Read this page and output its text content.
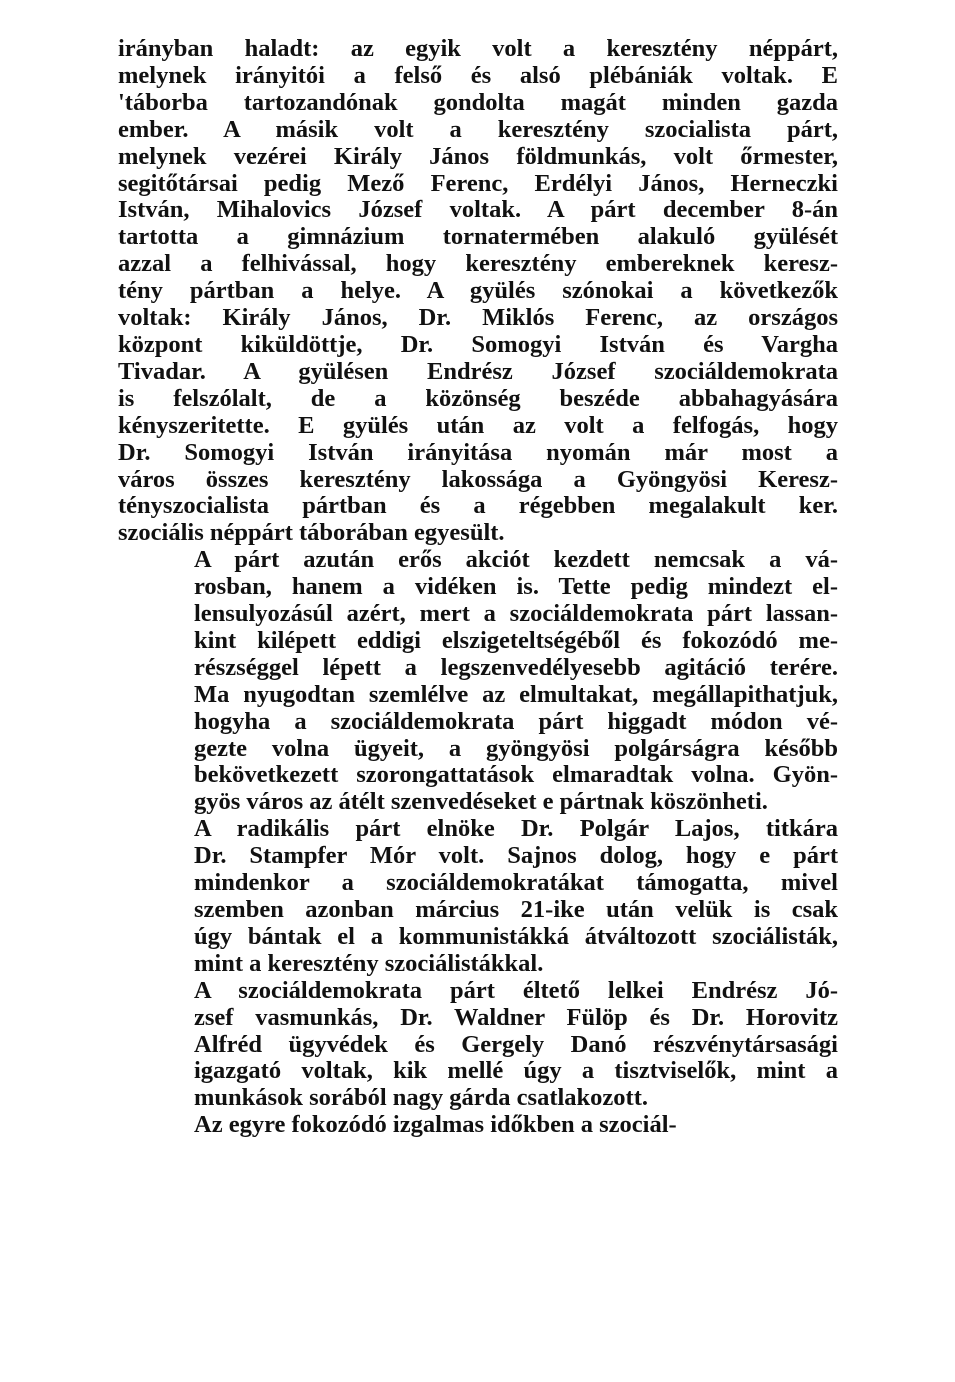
irányban haladt: az egyik volt a keresztény néppárt,
melynek irányitói a felső és alsó plébániák voltak. E
'táborba tartozandónak gondolta magát minden gazda
ember. A másik volt a keresztény szocialista párt,
melynek vezérei Király János földmunkás, volt őrmester,
segitőtársai pedig Mező Ferenc, Erdélyi János, Herneczki
István, Mihalovics József voltak. A párt december 8-án
tartotta a gimnázium tornatermében alakuló gyülését
azzal a felhivással, hogy keresztény embereknek keresz-
tény pártban a helye. A gyülés szónokai a következők
voltak: Király János, Dr. Miklós Ferenc, az országos
központ kiküldöttje, Dr. Somogyi István és Vargha
Tivadar. A gyülésen Endrész József szociáldemokrata
is felszólalt, de a közönség beszéde abbahagyására
kényszeritette. E gyülés után az volt a felfogás, hogy
Dr. Somogyi István irányitása nyomán már most a
város összes keresztény lakossága a Gyöngyösi Keresz-
tényszocialista pártban és a régebben megalakult ker.
szociális néppárt táborában egyesült.
A párt azután erős akciót kezdett nemcsak a vá-
rosban, hanem a vidéken is. Tette pedig mindezt el-
lensulyozásúl azért, mert a szociáldemokrata párt lassan-
kint kilépett eddigi elszigeteltségéből és fokozódó me-
részséggel lépett a legszenvedélyesebb agitáció terére.
Ma nyugodtan szemlélve az elmultakat, megállapithatjuk,
hogyha a szociáldemokrata párt higgadt módon vé-
gezte volna ügyeit, a gyöngyösi polgárságra később
bekövetkezett szorongattatások elmaradtak volna. Gyön-
gyös város az átélt szenvedéseket e pártnak köszönheti.
A radikális párt elnöke Dr. Polgár Lajos, titkára
Dr. Stampfer Mór volt. Sajnos dolog, hogy e párt
mindenkor a szociáldemokratákat támogatta, mivel
szemben azonban március 21-ike után velük is csak
úgy bántak el a kommunistákká átváltozott szociálisták,
mint a keresztény szociálistákkal.
A szociáldemokrata párt éltető lelkei Endrész Jó-
zsef vasmunkás, Dr. Waldner Fülöp és Dr. Horovitz
Alfréd ügyvédek és Gergely Danó részvénytársasági
igazgató voltak, kik mellé úgy a tisztviselők, mint a
munkások sorából nagy gárda csatlakozott.
Az egyre fokozódó izgalmas időkben a szociál-
